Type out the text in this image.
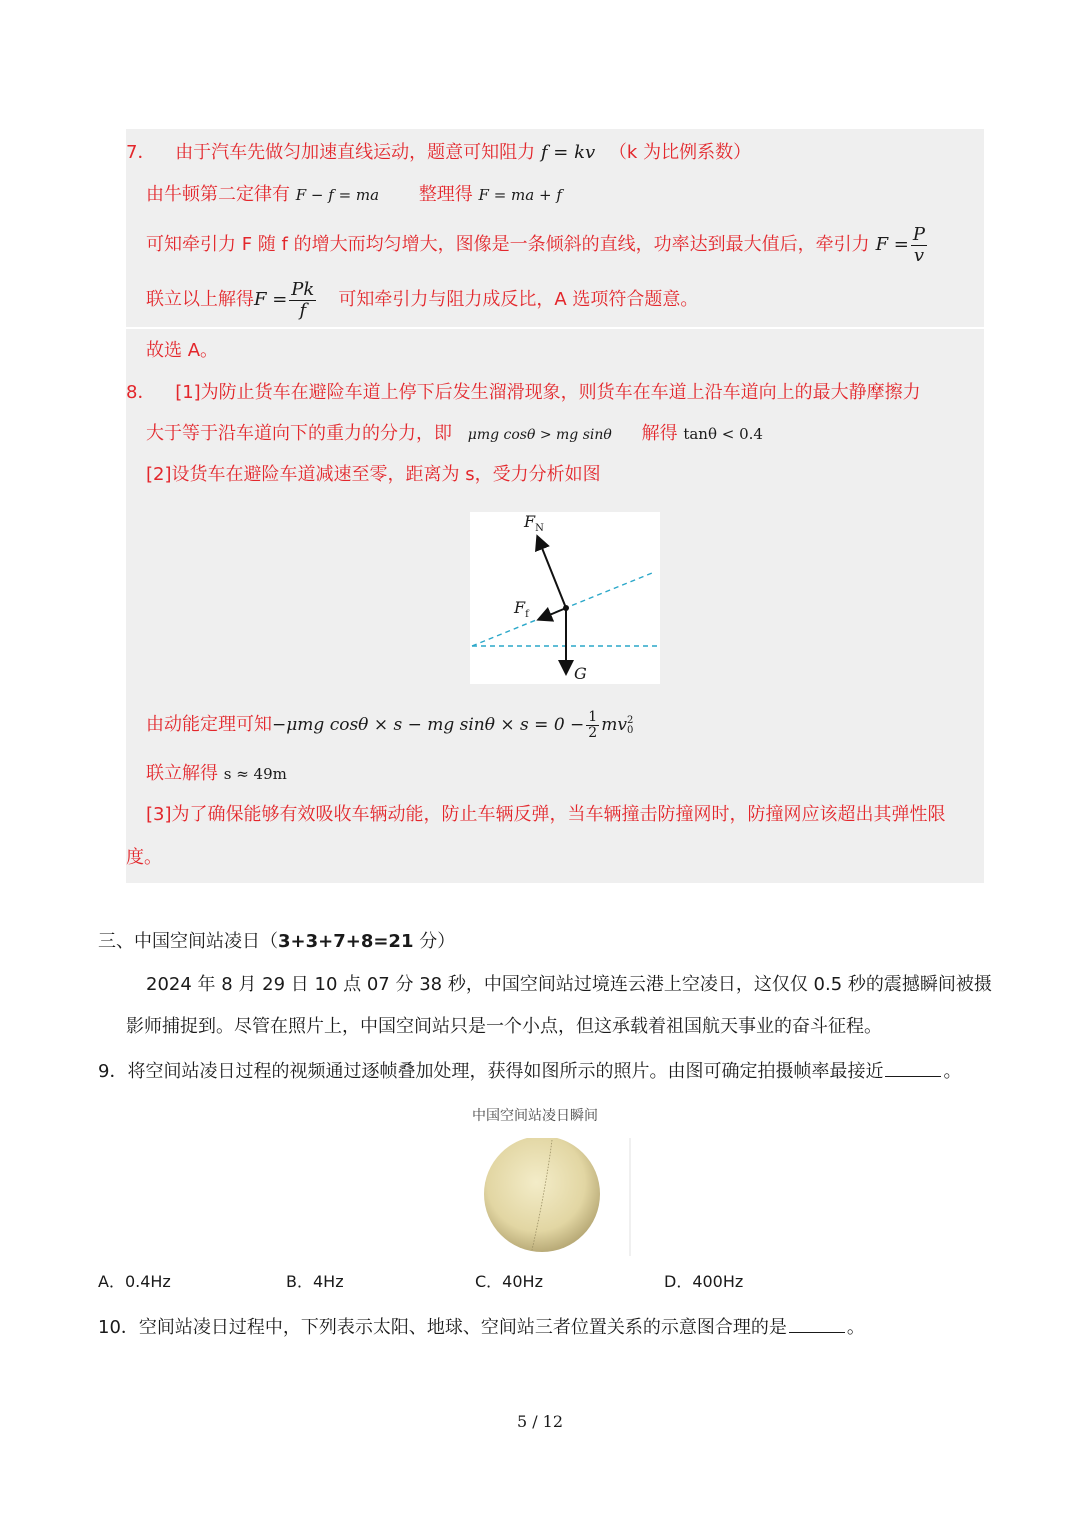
7． 由于汽车先做匀加速直线运动，题意可知阻力 f = kv （k 为比例系数）
由牛顿第二定律有 F − f = ma 整理得 F = ma + f
可知牵引力 F 随 f 的增大而均匀增大，图像是一条倾斜的直线，功率达到最大值后，牵引力 $F = \frac{P}{v}$
联立以上解得 $F = \frac{Pk}{f}$ 可知牵引力与阻力成反比，A 选项符合题意。
故选 A。
8． [1]为防止货车在避险车道上停下后发生溜滑现象，则货车在车道上沿车道向上的最大静摩擦力
大于等于沿车道向下的重力的分力，即 μmg cosθ > mg sinθ 解得 tanθ < 0.4
[2]设货车在避险车道减速至零，距离为 s，受力分析如图
$F_N$
$F_f$
G
由动能定理可知 −μmg cosθ × s − mg $\sin\theta \times s = 0 - \frac{1}{2}$ mv 2
0
联立解得 s ≈ 49m
[3]为了确保能够有效吸收车辆动能，防止车辆反弹，当车辆撞击防撞网时，防撞网应该超出其弹性限
度。
三、中国空间站凌日（3+3+7+8=21 分）
2024 年 8 月 29 日 10 点 07 分 38 秒，中国空间站过境连云港上空凌日，这仅仅 0.5 秒的震撼瞬间被摄
影师捕捉到。尽管在照片上，中国空间站只是一个小点，但这承载着祖国航天事业的奋斗征程。
9．将空间站凌日过程的视频通过逐帧叠加处理，获得如图所示的照片。由图可确定拍摄帧率最接近	。
中国空间站凌日瞬间
A．0.4Hz	B．4Hz	C．40Hz	D．400Hz
10．空间站凌日过程中，下列表示太阳、地球、空间站三者位置关系的示意图合理的是	。
5 / 12
